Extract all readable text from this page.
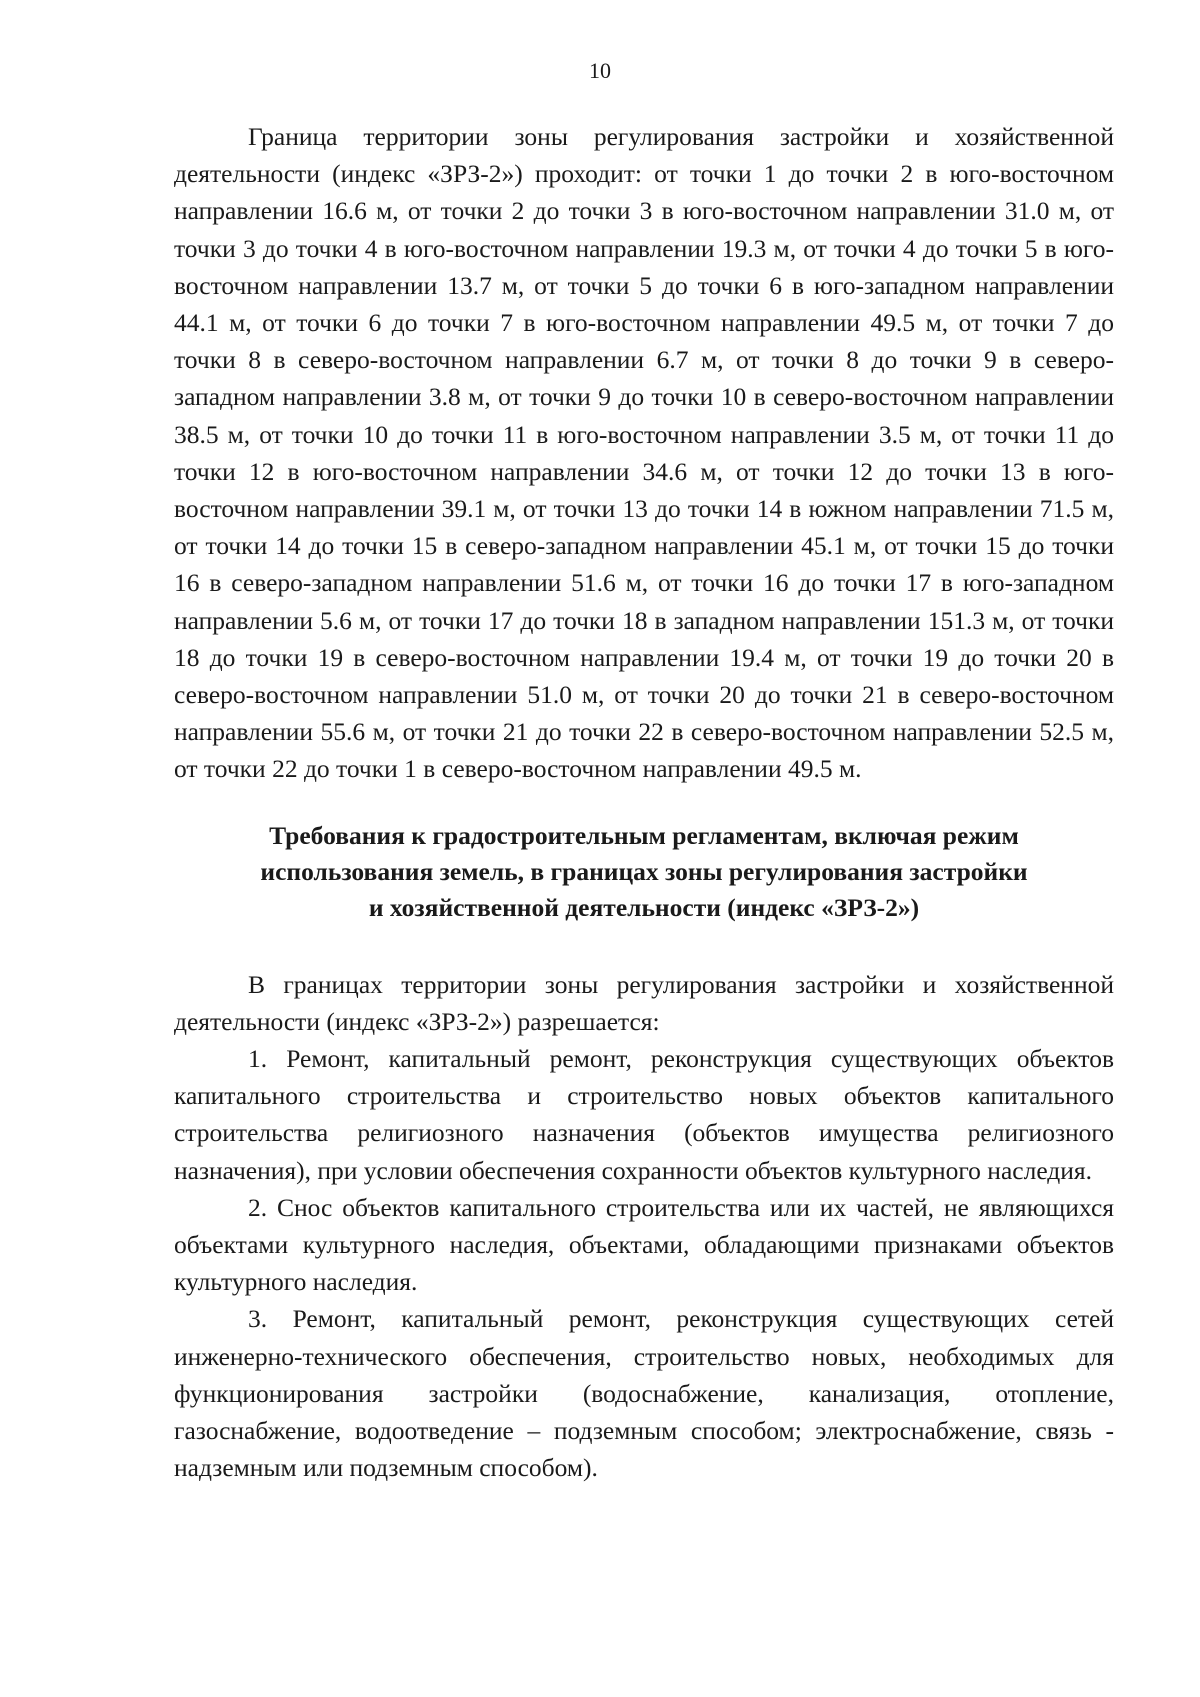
10

Граница территории зоны регулирования застройки и хозяйственной деятельности (индекс «ЗРЗ-2») проходит: от точки 1 до точки 2 в юго-восточном направлении 16.6 м, от точки 2 до точки 3 в юго-восточном направлении 31.0 м, от точки 3 до точки 4 в юго-восточном направлении 19.3 м, от точки 4 до точки 5 в юго-восточном направлении 13.7 м, от точки 5 до точки 6 в юго-западном направлении 44.1 м, от точки 6 до точки 7 в юго-восточном направлении 49.5 м, от точки 7 до точки 8 в северо-восточном направлении 6.7 м, от точки 8 до точки 9 в северо-западном направлении 3.8 м, от точки 9 до точки 10 в северо-восточном направлении 38.5 м, от точки 10 до точки 11 в юго-восточном направлении 3.5 м, от точки 11 до точки 12 в юго-восточном направлении 34.6 м, от точки 12 до точки 13 в юго-восточном направлении 39.1 м, от точки 13 до точки 14 в южном направлении 71.5 м, от точки 14 до точки 15 в северо-западном направлении 45.1 м, от точки 15 до точки 16 в северо-западном направлении 51.6 м, от точки 16 до точки 17 в юго-западном направлении 5.6 м, от точки 17 до точки 18 в западном направлении 151.3 м, от точки 18 до точки 19 в северо-восточном направлении 19.4 м, от точки 19 до точки 20 в северо-восточном направлении 51.0 м, от точки 20 до точки 21 в северо-восточном направлении 55.6 м, от точки 21 до точки 22 в северо-восточном направлении 52.5 м, от точки 22 до точки 1 в северо-восточном направлении 49.5 м.

Требования к градостроительным регламентам, включая режим
использования земель, в границах зоны регулирования застройки
и хозяйственной деятельности (индекс «ЗРЗ-2»)

В границах территории зоны регулирования застройки и хозяйственной деятельности (индекс «ЗРЗ-2») разрешается:

1. Ремонт, капитальный ремонт, реконструкция существующих объектов капитального строительства и строительство новых объектов капитального строительства религиозного назначения (объектов имущества религиозного назначения), при условии обеспечения сохранности объектов культурного наследия.

2. Снос объектов капитального строительства или их частей, не являющихся объектами культурного наследия, объектами, обладающими признаками объектов культурного наследия.

3. Ремонт, капитальный ремонт, реконструкция существующих сетей инженерно-технического обеспечения, строительство новых, необходимых для функционирования застройки (водоснабжение, канализация, отопление, газоснабжение, водоотведение – подземным способом; электроснабжение, связь - надземным или подземным способом).
